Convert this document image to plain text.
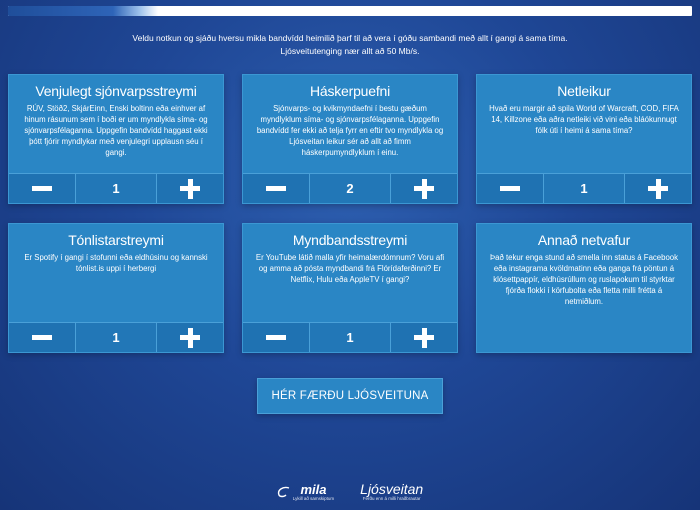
Veldu notkun og sjáðu hversu mikla bandvídd heimilið þarf til að vera í góðu sambandi með allt í gangi á sama tíma.
Ljósveitutenging nær allt að 50 Mb/s.
Venjulegt sjónvarpsstreymi
RÚV, Stöð2, SkjárEinn, Enski boltinn eða einhver af hinum rásunum sem í boði er um myndlykla síma- og sjónvarpsfélaganna. Uppgefin bandvídd haggast ekki þótt fjórir myndlykar með venjulegri upplausn séu í gangi.
1
Háskerpuefni
Sjónvarps- og kvikmyndaefni í bestu gæðum myndlyklum síma- og sjónvarpsfélaganna. Uppgefin bandvídd fer ekki að telja fyrr en eftir tvo myndlykla og Ljósveitan leikur sér að allt að fimm háskerpumyndlyklum í einu.
2
Netleikur
Hvað eru margir að spila World of Warcraft, COD, FIFA 14, Killzone eða aðra netleiki við vini eða bláókunnugt fólk úti í heimi á sama tíma?
1
Tónlistarstreymi
Er Spotify í gangi í stofunni eða eldhúsinu og kannski tónlist.is uppi í herbergi
1
Myndbandsstreymi
Er YouTube látið malla yfir heimalærdómnum? Voru afi og amma að pósta myndbandi frá Flórídaferðinni? Er Netflix, Hulu eða AppleTV í gangi?
1
Annað netvafur
Það tekur enga stund að smella inn status á Facebook eða instagrama kvöldmatinn eða ganga frá pöntun á klósettpappír, eldhúsrúllum og ruslapokum til styrktar fjórða flokki í körfubolta eða fletta milli frétta á netmiðlum.
HÉR FÆRÐU LJÓSVEITUNA
mila
Lykill að samskiptum
Ljósveitan
Ferðu enn á milli hraðbrautar
